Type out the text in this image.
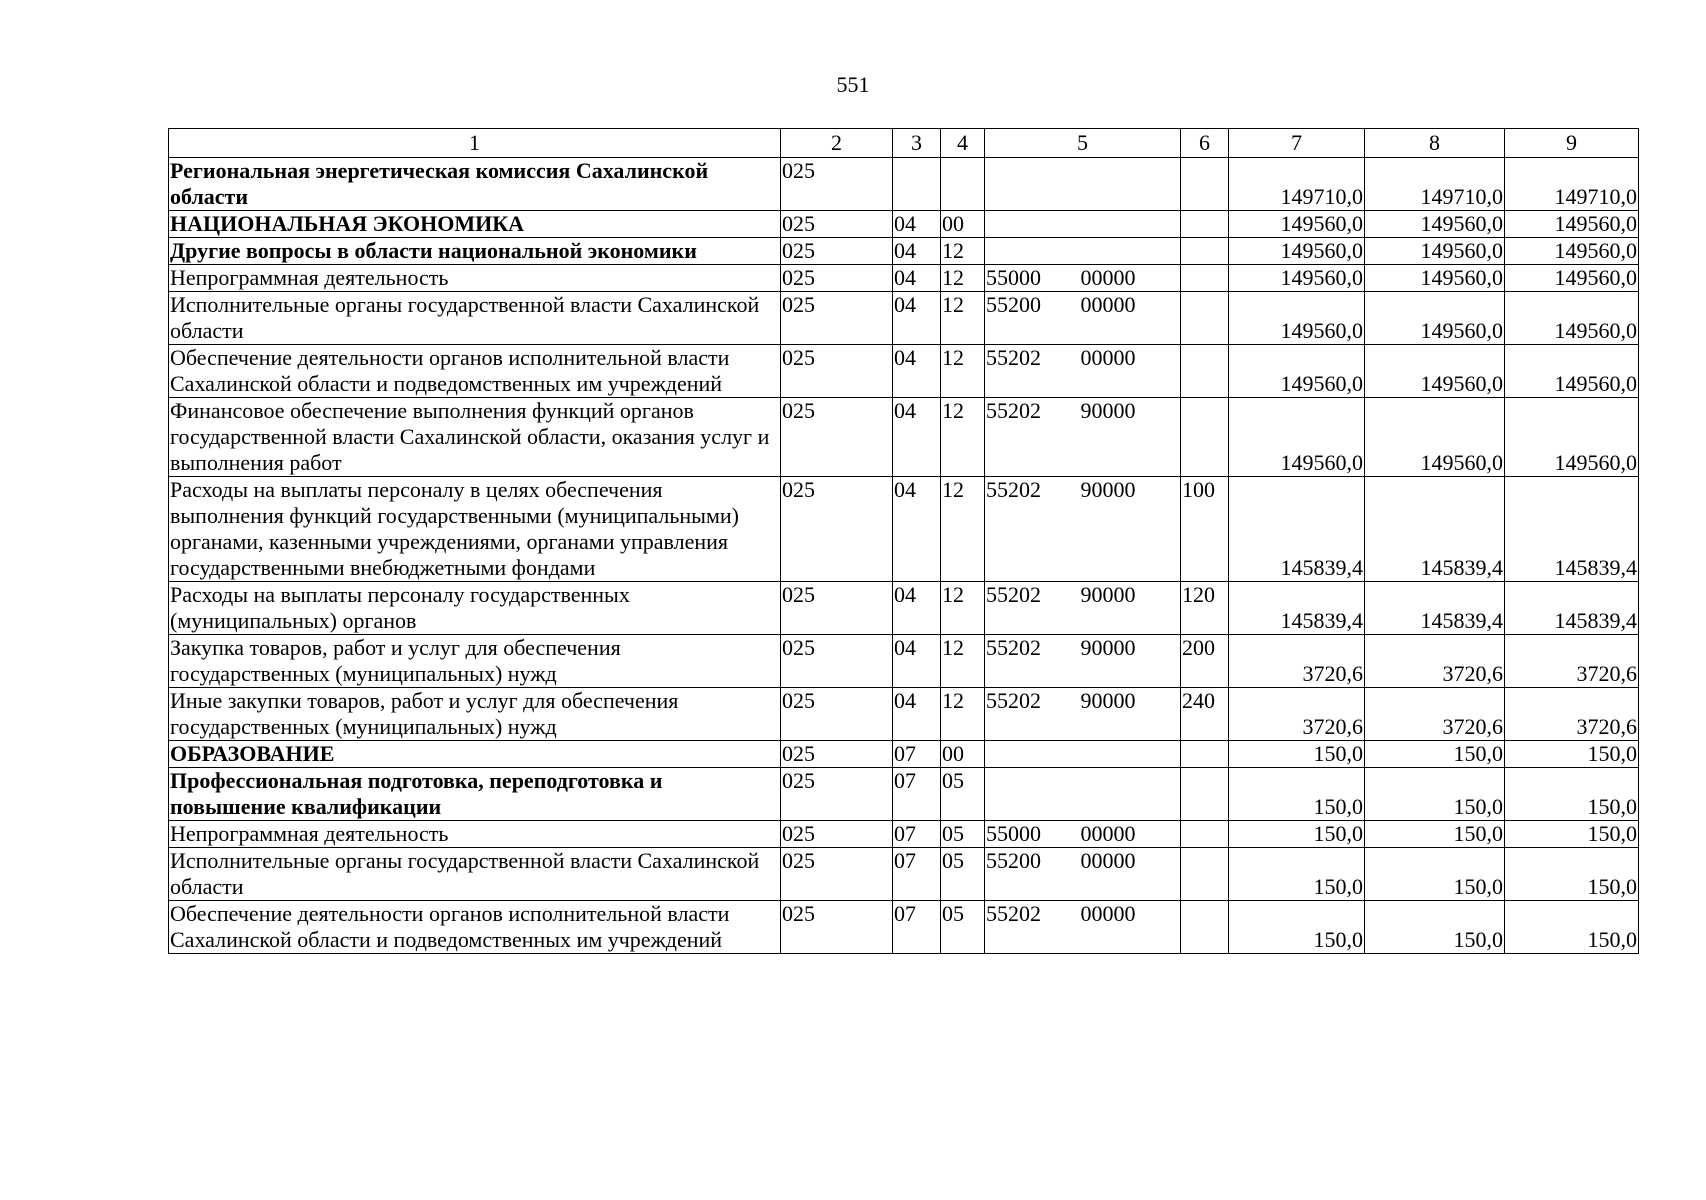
551
1	2	3	4	5	6	7	8	9
Региональная энергетическая комиссия Сахалинской области	025					149710,0	149710,0	149710,0
НАЦИОНАЛЬНАЯ ЭКОНОМИКА	025	04	00			149560,0	149560,0	149560,0
Другие вопросы в области национальной экономики	025	04	12			149560,0	149560,0	149560,0
Непрограммная деятельность	025	04	12	55000 00000		149560,0	149560,0	149560,0
Исполнительные органы государственной власти Сахалинской области	025	04	12	55200 00000		149560,0	149560,0	149560,0
Обеспечение деятельности органов исполнительной власти Сахалинской области и подведомственных им учреждений	025	04	12	55202 00000		149560,0	149560,0	149560,0
Финансовое обеспечение выполнения функций органов государственной власти Сахалинской области, оказания услуг и выполнения работ	025	04	12	55202 90000		149560,0	149560,0	149560,0
Расходы на выплаты персоналу в целях обеспечения выполнения функций государственными (муниципальными) органами, казенными учреждениями, органами управления государственными внебюджетными фондами	025	04	12	55202 90000	100	145839,4	145839,4	145839,4
Расходы на выплаты персоналу государственных (муниципальных) органов	025	04	12	55202 90000	120	145839,4	145839,4	145839,4
Закупка товаров, работ и услуг для обеспечения государственных (муниципальных) нужд	025	04	12	55202 90000	200	3720,6	3720,6	3720,6
Иные закупки товаров, работ и услуг для обеспечения государственных (муниципальных) нужд	025	04	12	55202 90000	240	3720,6	3720,6	3720,6
ОБРАЗОВАНИЕ	025	07	00			150,0	150,0	150,0
Профессиональная подготовка, переподготовка и повышение квалификации	025	07	05			150,0	150,0	150,0
Непрограммная деятельность	025	07	05	55000 00000		150,0	150,0	150,0
Исполнительные органы государственной власти Сахалинской области	025	07	05	55200 00000		150,0	150,0	150,0
Обеспечение деятельности органов исполнительной власти Сахалинской области и подведомственных им учреждений	025	07	05	55202 00000		150,0	150,0	150,0
